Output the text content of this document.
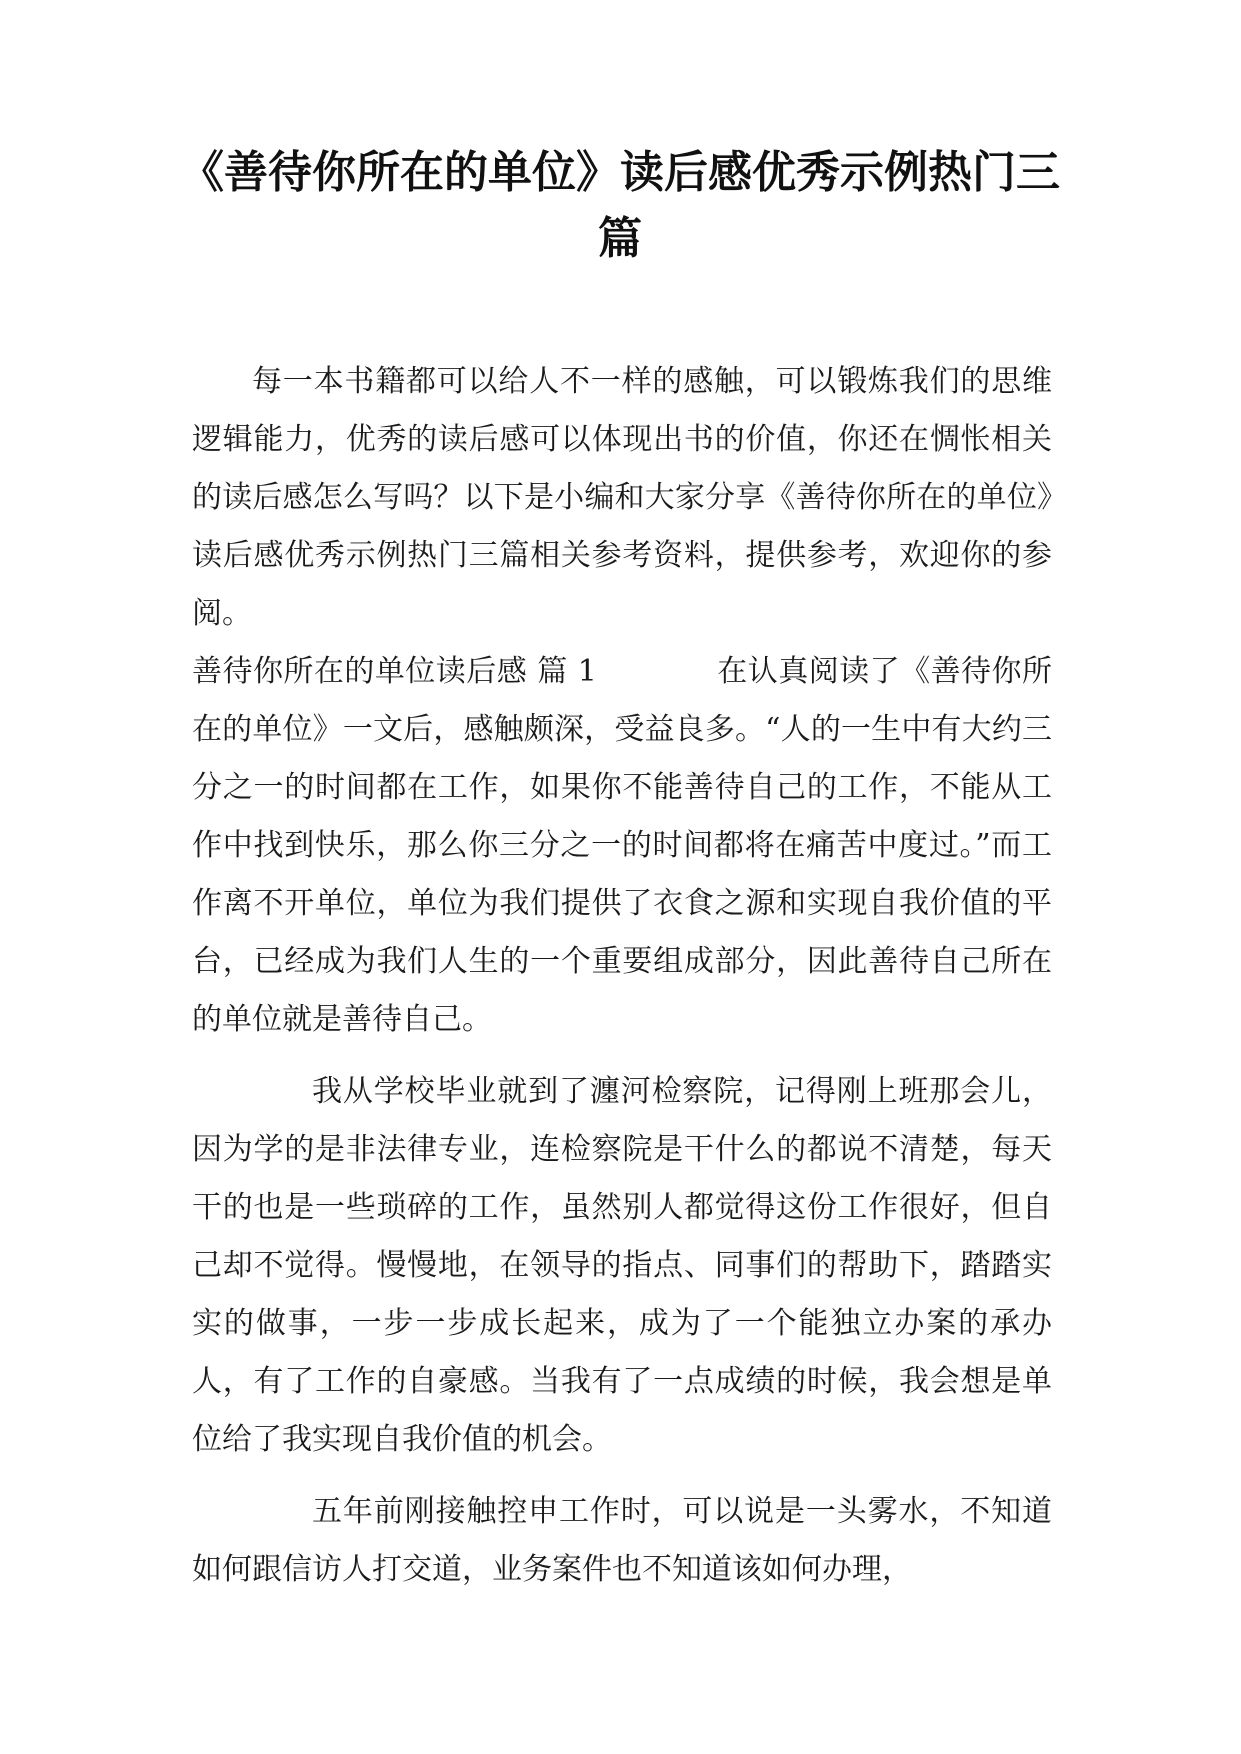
《善待你所在的单位》读后感优秀示例热门三篇

每一本书籍都可以给人不一样的感触，可以锻炼我们的思维逻辑能力，优秀的读后感可以体现出书的价值，你还在惆怅相关的读后感怎么写吗？以下是小编和大家分享《善待你所在的单位》读后感优秀示例热门三篇相关参考资料，提供参考，欢迎你的参阅。

善待你所在的单位读后感 篇 1	在认真阅读了《善待你所在的单位》一文后，感触颇深，受益良多。“人的一生中有大约三分之一的时间都在工作，如果你不能善待自己的工作，不能从工作中找到快乐，那么你三分之一的时间都将在痛苦中度过。”而工作离不开单位，单位为我们提供了衣食之源和实现自我价值的平台，已经成为我们人生的一个重要组成部分，因此善待自己所在的单位就是善待自己。

我从学校毕业就到了瀍河检察院，记得刚上班那会儿，因为学的是非法律专业，连检察院是干什么的都说不清楚，每天干的也是一些琐碎的工作，虽然别人都觉得这份工作很好，但自己却不觉得。慢慢地，在领导的指点、同事们的帮助下，踏踏实实的做事，一步一步成长起来，成为了一个能独立办案的承办人，有了工作的自豪感。当我有了一点成绩的时候，我会想是单位给了我实现自我价值的机会。

五年前刚接触控申工作时，可以说是一头雾水，不知道如何跟信访人打交道，业务案件也不知道该如何办理，
